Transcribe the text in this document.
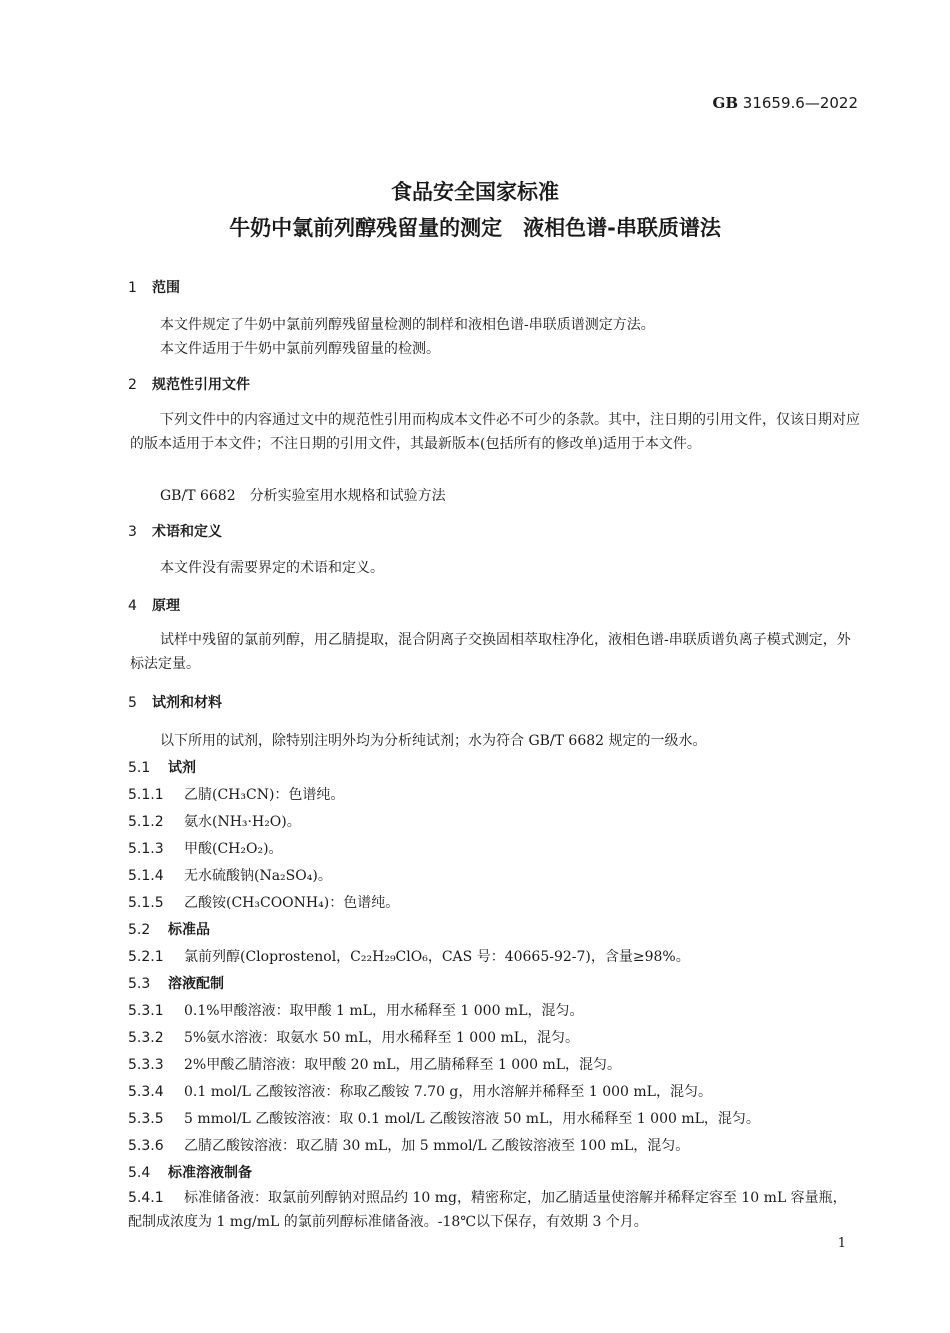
GB 31659.6—2022
食品安全国家标准
牛奶中氯前列醇残留量的测定　液相色谱-串联质谱法
1 范围
本文件规定了牛奶中氯前列醇残留量检测的制样和液相色谱-串联质谱测定方法。
本文件适用于牛奶中氯前列醇残留量的检测。
2 规范性引用文件
下列文件中的内容通过文中的规范性引用而构成本文件必不可少的条款。其中，注日期的引用文件，仅该日期对应的版本适用于本文件；不注日期的引用文件，其最新版本(包括所有的修改单)适用于本文件。
GB/T 6682　分析实验室用水规格和试验方法
3 术语和定义
本文件没有需要界定的术语和定义。
4 原理
试样中残留的氯前列醇，用乙腈提取，混合阴离子交换固相萃取柱净化，液相色谱-串联质谱负离子模式测定，外标法定量。
5 试剂和材料
以下所用的试剂，除特别注明外均为分析纯试剂；水为符合 GB/T 6682 规定的一级水。
5.1 试剂
5.1.1 乙腈(CH₃CN)：色谱纯。
5.1.2 氨水(NH₃·H₂O)。
5.1.3 甲酸(CH₂O₂)。
5.1.4 无水硫酸钠(Na₂SO₄)。
5.1.5 乙酸铵(CH₃COONH₄)：色谱纯。
5.2 标准品
5.2.1 氯前列醇(Cloprostenol，C₂₂H₂₉ClO₆，CAS 号：40665-92-7)，含量≥98%。
5.3 溶液配制
5.3.1 0.1%甲酸溶液：取甲酸 1 mL，用水稀释至 1 000 mL，混匀。
5.3.2 5%氨水溶液：取氨水 50 mL，用水稀释至 1 000 mL，混匀。
5.3.3 2%甲酸乙腈溶液：取甲酸 20 mL，用乙腈稀释至 1 000 mL，混匀。
5.3.4 0.1 mol/L 乙酸铵溶液：称取乙酸铵 7.70 g，用水溶解并稀释至 1 000 mL，混匀。
5.3.5 5 mmol/L 乙酸铵溶液：取 0.1 mol/L 乙酸铵溶液 50 mL，用水稀释至 1 000 mL，混匀。
5.3.6 乙腈乙酸铵溶液：取乙腈 30 mL，加 5 mmol/L 乙酸铵溶液至 100 mL，混匀。
5.4 标准溶液制备
5.4.1 标准储备液：取氯前列醇钠对照品约 10 mg，精密称定，加乙腈适量使溶解并稀释定容至 10 mL 容量瓶，配制成浓度为 1 mg/mL 的氯前列醇标准储备液。-18℃以下保存，有效期 3 个月。
1
